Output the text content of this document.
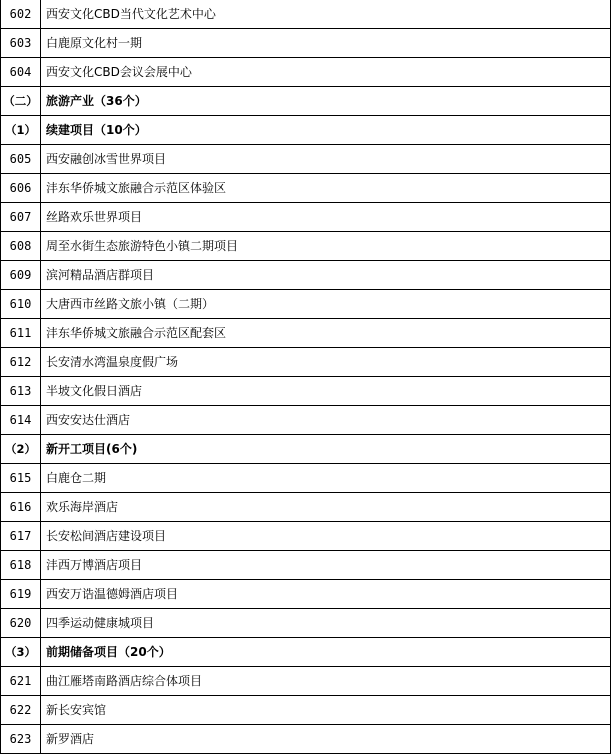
602	西安文化CBD当代文化艺术中心
603	白鹿原文化村一期
604	西安文化CBD会议会展中心
（二）	旅游产业（36个）
（1）	续建项目（10个）
605	西安融创冰雪世界项目
606	沣东华侨城文旅融合示范区体验区
607	丝路欢乐世界项目
608	周至水街生态旅游特色小镇二期项目
609	滨河精品酒店群项目
610	大唐西市丝路文旅小镇（二期）
611	沣东华侨城文旅融合示范区配套区
612	长安清水湾温泉度假广场
613	半坡文化假日酒店
614	西安安达仕酒店
（2）	新开工项目(6个)
615	白鹿仓二期
616	欢乐海岸酒店
617	长安松间酒店建设项目
618	沣西万博酒店项目
619	西安万诰温德姆酒店项目
620	四季运动健康城项目
（3）	前期储备项目（20个）
621	曲江雁塔南路酒店综合体项目
622	新长安宾馆
623	新罗酒店
